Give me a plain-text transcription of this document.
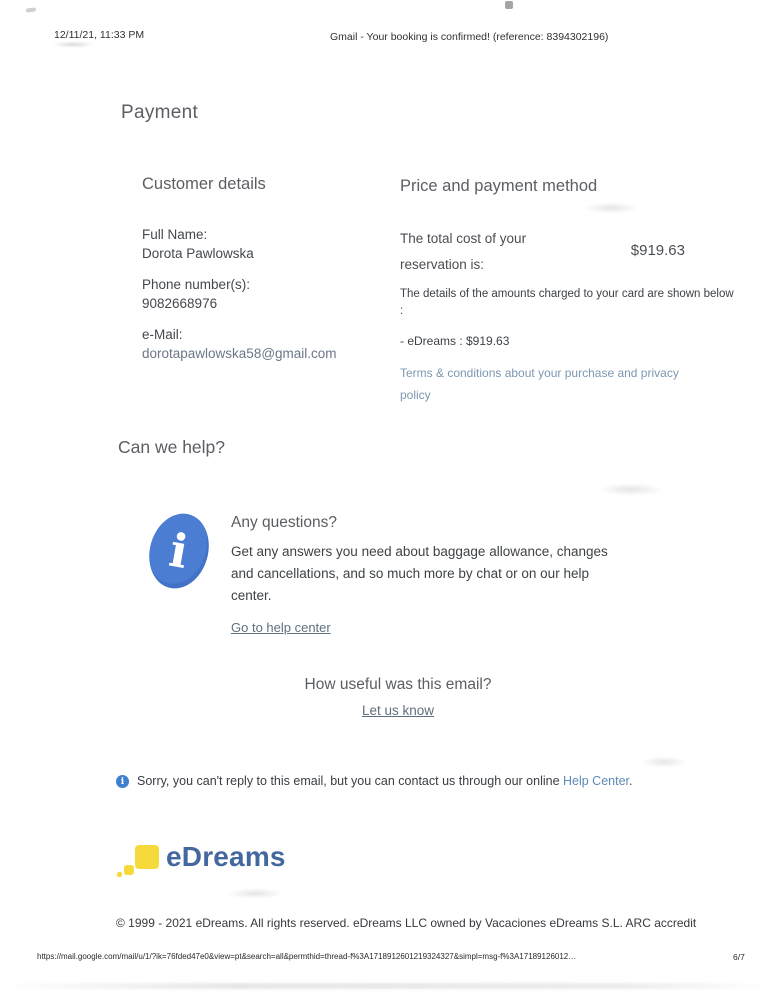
12/11/21, 11:33 PM	Gmail - Your booking is confirmed! (reference: 8394302196)
Payment
Customer details
Full Name:
Dorota Pawlowska
Phone number(s):
9082668976
e-Mail:
dorotapawlowska58@gmail.com
Price and payment method
The total cost of your reservation is:
$919.63

The details of the amounts charged to your card are shown below :

- eDreams : $919.63

Terms & conditions about your purchase and privacy policy
Can we help?
i
Any questions?

Get any answers you need about baggage allowance, changes and cancellations, and so much more by chat or on our help center.

Go to help center
How useful was this email?
Let us know
i	Sorry, you can't reply to this email, but you can contact us through our online Help Center.
eDreams
© 1999 - 2021 eDreams. All rights reserved. eDreams LLC owned by Vacaciones eDreams S.L. ARC accredit
https://mail.google.com/mail/u/1/?ik=76fded47e0&view=pt&search=all&permthid=thread-f%3A1718912601219324327&simpl=msg-f%3A17189126012…	6/7
